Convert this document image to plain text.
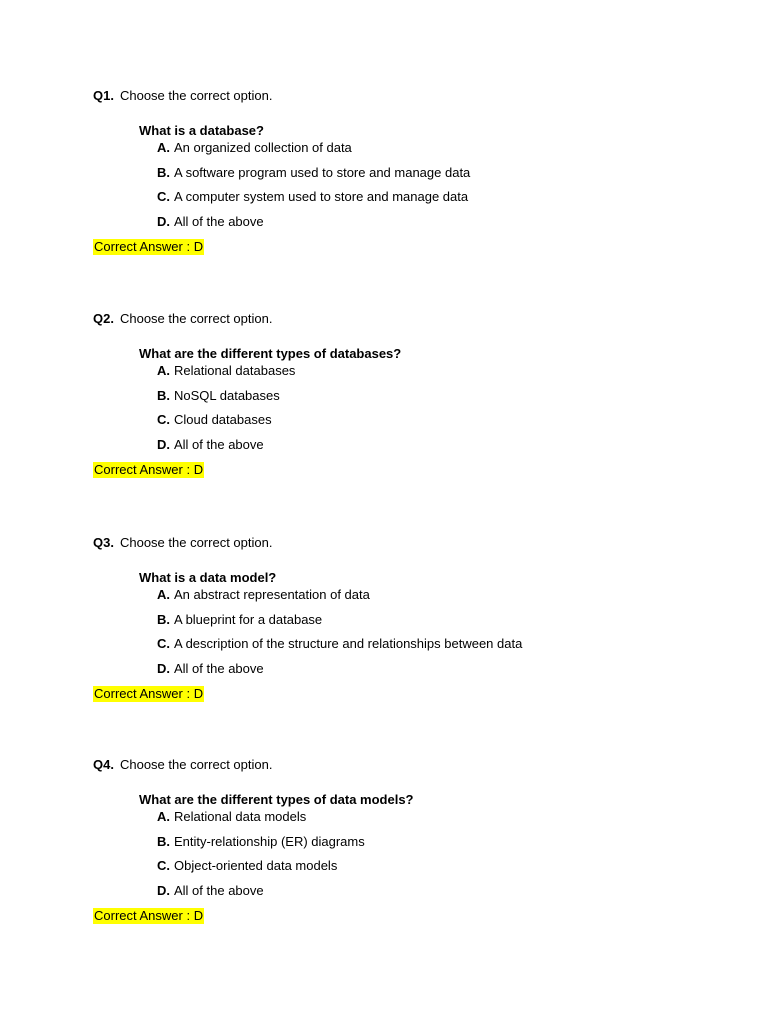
Q1. Choose the correct option.
What is a database?
A. An organized collection of data
B. A software program used to store and manage data
C. A computer system used to store and manage data
D. All of the above
Correct Answer : D
Q2. Choose the correct option.
What are the different types of databases?
A. Relational databases
B. NoSQL databases
C. Cloud databases
D. All of the above
Correct Answer : D
Q3. Choose the correct option.
What is a data model?
A. An abstract representation of data
B. A blueprint for a database
C. A description of the structure and relationships between data
D. All of the above
Correct Answer : D
Q4. Choose the correct option.
What are the different types of data models?
A. Relational data models
B. Entity-relationship (ER) diagrams
C. Object-oriented data models
D. All of the above
Correct Answer : D
